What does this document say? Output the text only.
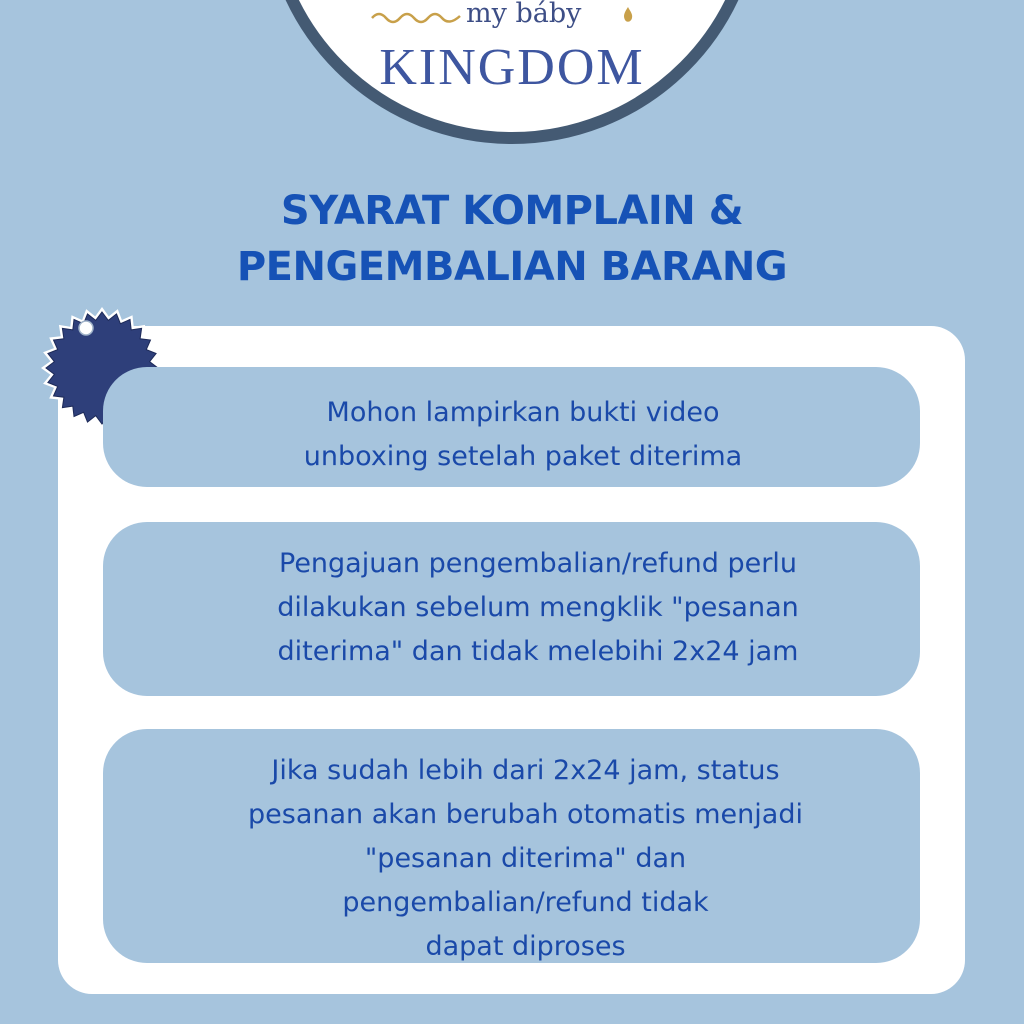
my báby
KINGDOM
SYARAT KOMPLAIN &
PENGEMBALIAN BARANG

Mohon lampirkan bukti video
unboxing setelah paket diterima

Pengajuan pengembalian/refund perlu
dilakukan sebelum mengklik "pesanan
diterima" dan tidak melebihi 2x24 jam

Jika sudah lebih dari 2x24 jam, status
pesanan akan berubah otomatis menjadi
"pesanan diterima" dan
pengembalian/refund tidak
dapat diproses
